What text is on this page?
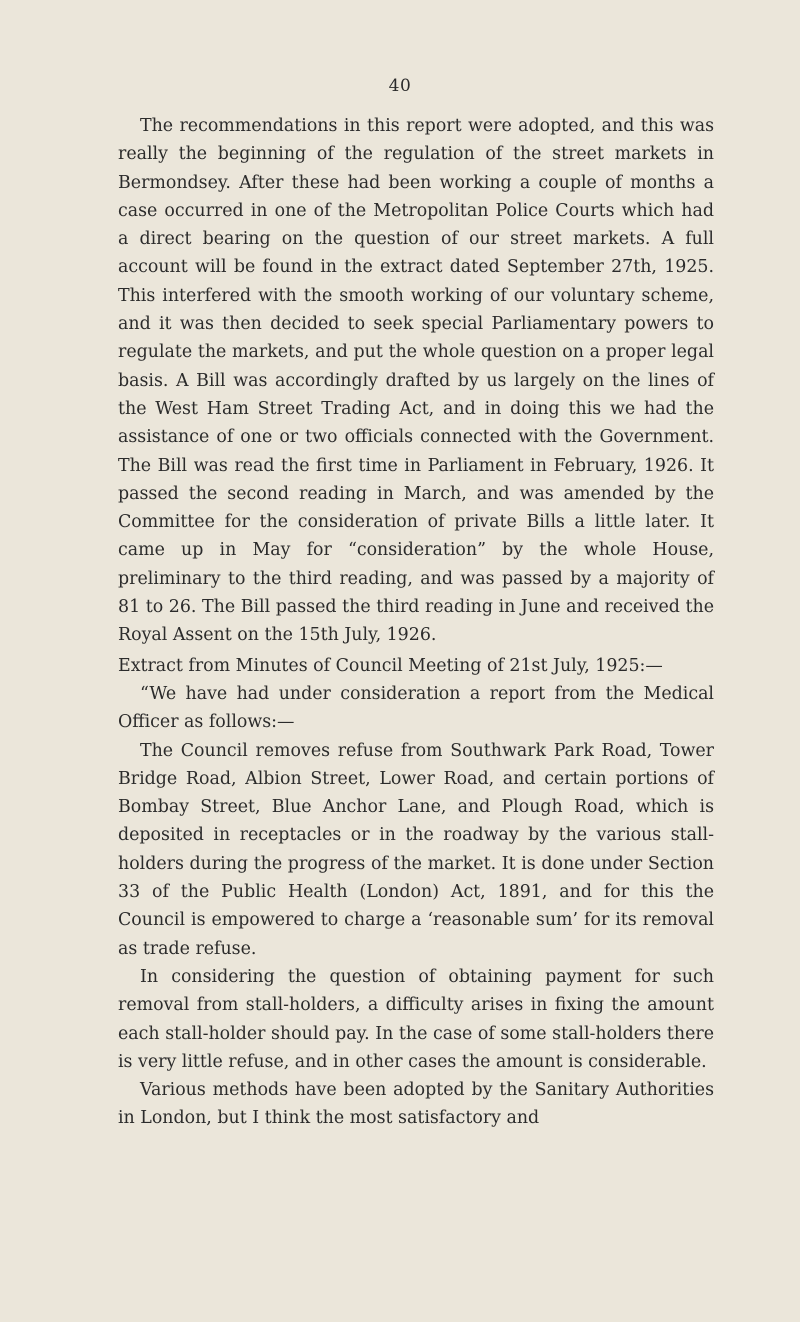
40

The recommendations in this report were adopted, and this was really the beginning of the regulation of the street markets in Bermondsey. After these had been working a couple of months a case occurred in one of the Metropolitan Police Courts which had a direct bearing on the question of our street markets. A full account will be found in the extract dated September 27th, 1925. This interfered with the smooth working of our voluntary scheme, and it was then decided to seek special Parliamentary powers to regulate the markets, and put the whole question on a proper legal basis. A Bill was accordingly drafted by us largely on the lines of the West Ham Street Trading Act, and in doing this we had the assistance of one or two officials connected with the Government. The Bill was read the first time in Parliament in February, 1926. It passed the second reading in March, and was amended by the Committee for the consideration of private Bills a little later. It came up in May for “consideration” by the whole House, preliminary to the third reading, and was passed by a majority of 81 to 26. The Bill passed the third reading in June and received the Royal Assent on the 15th July, 1926.

Extract from Minutes of Council Meeting of 21st July, 1925:—

“We have had under consideration a report from the Medical Officer as follows:—

The Council removes refuse from Southwark Park Road, Tower Bridge Road, Albion Street, Lower Road, and certain portions of Bombay Street, Blue Anchor Lane, and Plough Road, which is deposited in receptacles or in the roadway by the various stall-holders during the progress of the market. It is done under Section 33 of the Public Health (London) Act, 1891, and for this the Council is empowered to charge a ‘reasonable sum’ for its removal as trade refuse.

In considering the question of obtaining payment for such removal from stall-holders, a difficulty arises in fixing the amount each stall-holder should pay. In the case of some stall-holders there is very little refuse, and in other cases the amount is considerable.

Various methods have been adopted by the Sanitary Authorities in London, but I think the most satisfactory and
